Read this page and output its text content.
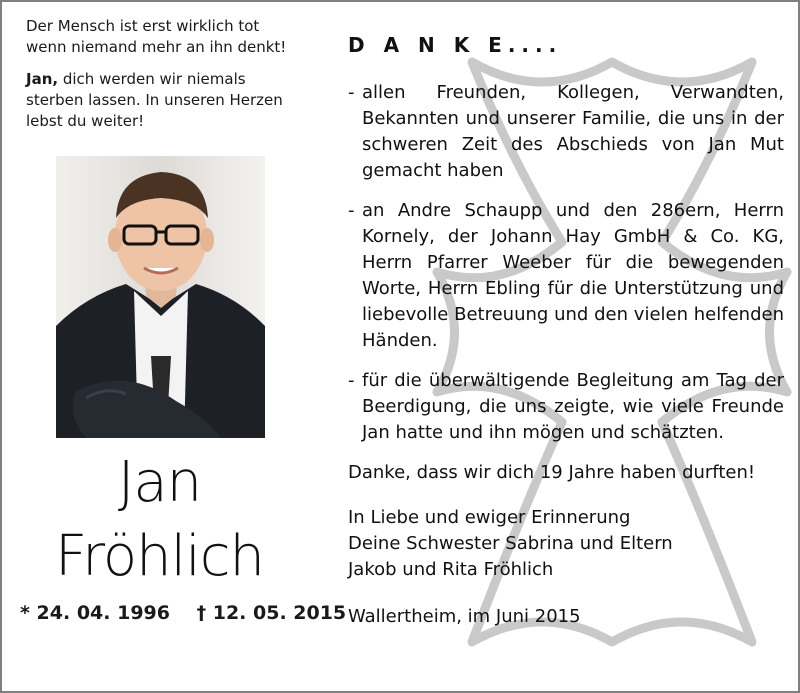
Der Mensch ist erst wirklich tot

wenn niemand mehr an ihn denkt!

Jan, dich werden wir niemals

sterben lassen. In unseren Herzen

lebst du weiter!

Jan
Fröhlich
* 24. 04. 1996 † 12. 05. 2015
D A N K E....
- allen Freunden, Kollegen, Verwandten, Bekannten und unserer Familie, die uns in der schweren Zeit des Abschieds von Jan Mut gemacht haben
- an Andre Schaupp und den 286ern, Herrn Kornely, der Johann Hay GmbH & Co. KG, Herrn Pfarrer Weeber für die bewegenden Worte, Herrn Ebling für die Unterstützung und liebevolle Betreuung und den vielen helfenden Händen.
- für die überwältigende Begleitung am Tag der Beerdigung, die uns zeigte, wie viele Freunde Jan hatte und ihn mögen und schätzten.

Danke, dass wir dich 19 Jahre haben durften!

In Liebe und ewiger Erinnerung

Deine Schwester Sabrina und Eltern

Jakob und Rita Fröhlich

Wallertheim, im Juni 2015
